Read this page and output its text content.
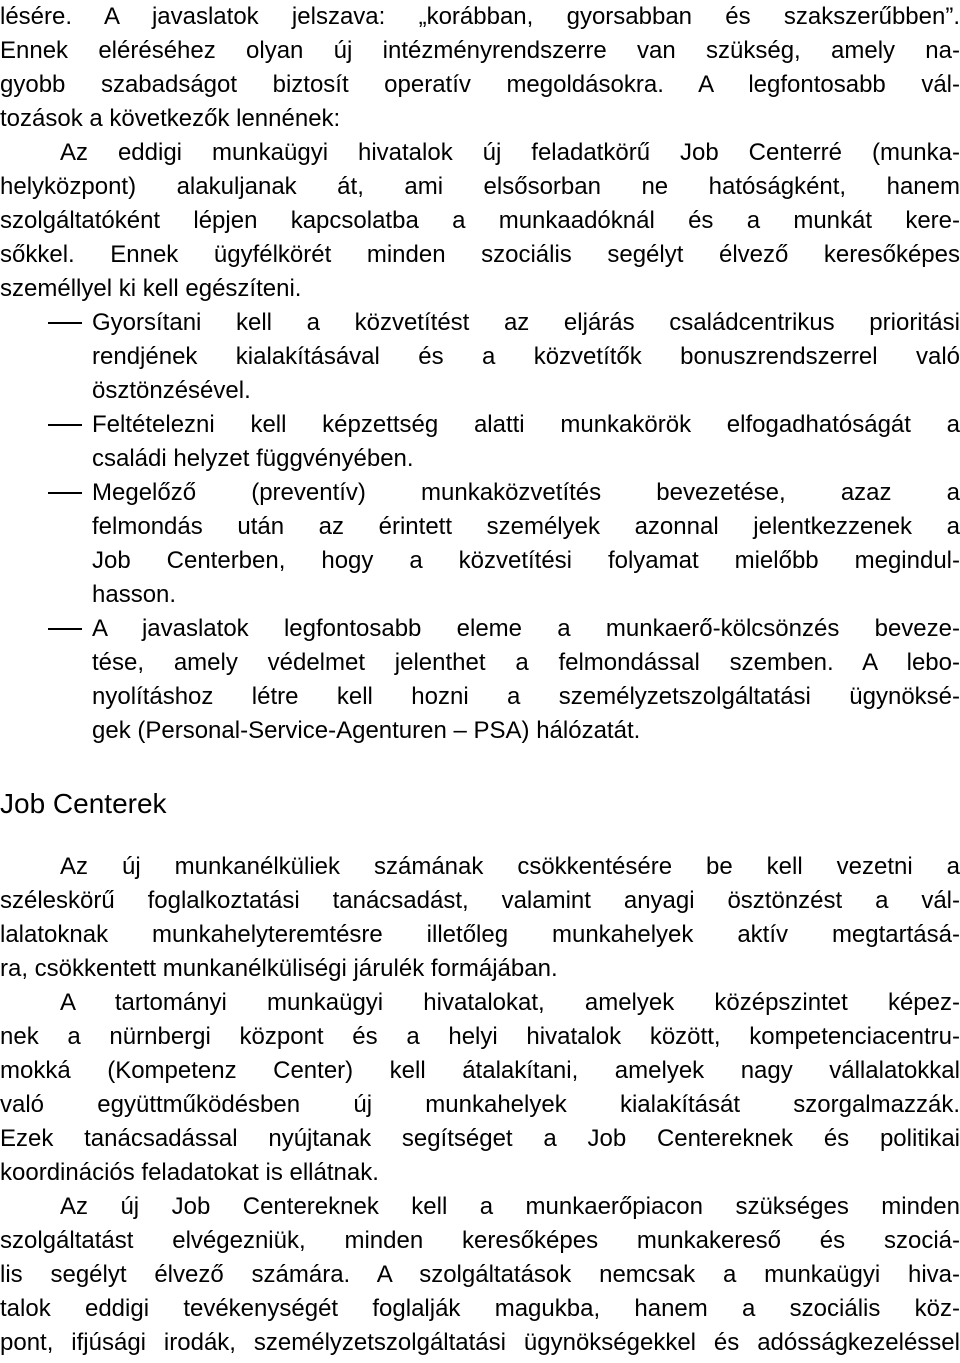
lésére. A javaslatok jelszava: „korábban, gyorsabban és szakszerűbben”.
Ennek eléréséhez olyan új intézményrendszerre van szükség, amely na-
gyobb szabadságot biztosít operatív megoldásokra. A legfontosabb vál-
tozások a következők lennének:
Az eddigi munkaügyi hivatalok új feladatkörű Job Centerré (munka-
helyközpont) alakuljanak át, ami elsősorban ne hatóságként, hanem
szolgáltatóként lépjen kapcsolatba a munkaadóknál és a munkát kere-
sőkkel. Ennek ügyfélkörét minden szociális segélyt élvező keresőképes
személlyel ki kell egészíteni.
Gyorsítani kell a közvetítést az eljárás családcentrikus prioritási
rendjének kialakításával és a közvetítők bonuszrendszerrel való
ösztönzésével.
Feltételezni kell képzettség alatti munkakörök elfogadhatóságát a
családi helyzet függvényében.
Megelőző (preventív) munkaközvetítés bevezetése, azaz a
felmondás után az érintett személyek azonnal jelentkezzenek a
Job Centerben, hogy a közvetítési folyamat mielőbb megindul-
hasson.
A javaslatok legfontosabb eleme a munkaerő-kölcsönzés beveze-
tése, amely védelmet jelenthet a felmondással szemben. A lebo-
nyolításhoz létre kell hozni a személyzetszolgáltatási ügynöksé-
gek (Personal-Service-Agenturen – PSA) hálózatát.
Job Centerek
Az új munkanélküliek számának csökkentésére be kell vezetni a
széleskörű foglalkoztatási tanácsadást, valamint anyagi ösztönzést a vál-
lalatoknak munkahelyteremtésre illetőleg munkahelyek aktív megtartásá-
ra, csökkentett munkanélküliségi járulék formájában.
A tartományi munkaügyi hivatalokat, amelyek középszintet képez-
nek a nürnbergi központ és a helyi hivatalok között, kompetenciacentru-
mokká (Kompetenz Center) kell átalakítani, amelyek nagy vállalatokkal
való együttműködésben új munkahelyek kialakítását szorgalmazzák.
Ezek tanácsadással nyújtanak segítséget a Job Centereknek és politikai
koordinációs feladatokat is ellátnak.
Az új Job Centereknek kell a munkaerőpiacon szükséges minden
szolgáltatást elvégezniük, minden keresőképes munkakereső és szociá-
lis segélyt élvező számára. A szolgáltatások nemcsak a munkaügyi hiva-
talok eddigi tevékenységét foglalják magukba, hanem a szociális köz-
pont, ifjúsági irodák, személyzetszolgáltatási ügynökségekkel és adósságkezeléssel
